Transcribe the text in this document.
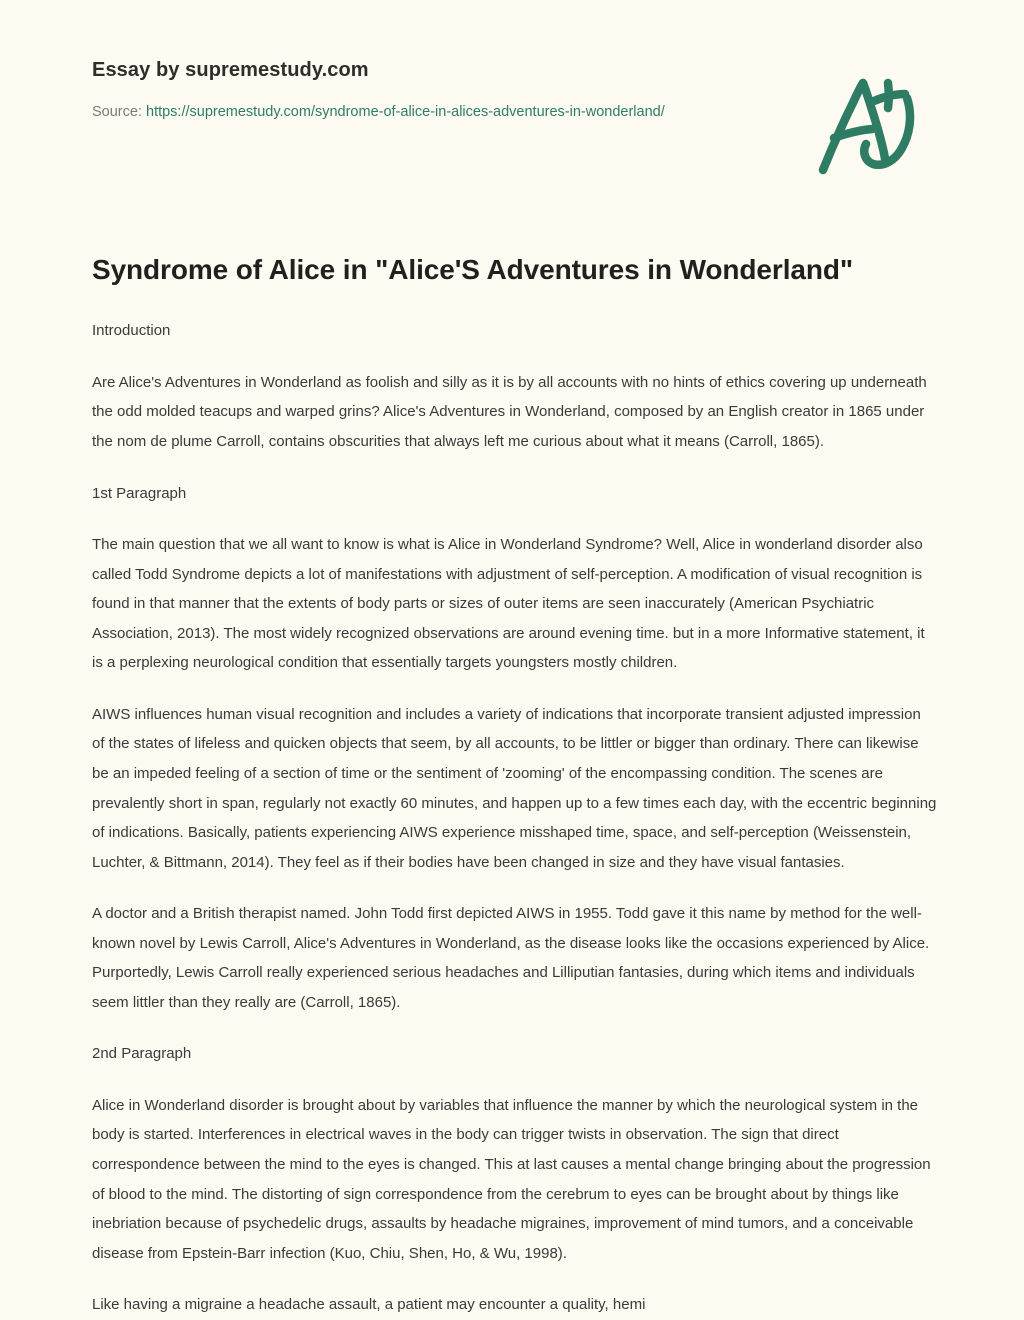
Essay by supremestudy.com

Source: https://supremestudy.com/syndrome-of-alice-in-alices-adventures-in-wonderland/

Syndrome of Alice in "Alice'S Adventures in Wonderland"

Introduction

Are Alice's Adventures in Wonderland as foolish and silly as it is by all accounts with no hints of ethics covering up underneath the odd molded teacups and warped grins? Alice's Adventures in Wonderland, composed by an English creator in 1865 under the nom de plume Carroll, contains obscurities that always left me curious about what it means (Carroll, 1865).

1st Paragraph

The main question that we all want to know is what is Alice in Wonderland Syndrome? Well, Alice in wonderland disorder also called Todd Syndrome depicts a lot of manifestations with adjustment of self-perception. A modification of visual recognition is found in that manner that the extents of body parts or sizes of outer items are seen inaccurately (American Psychiatric Association, 2013). The most widely recognized observations are around evening time. but in a more Informative statement, it is a perplexing neurological condition that essentially targets youngsters mostly children.

AIWS influences human visual recognition and includes a variety of indications that incorporate transient adjusted impression of the states of lifeless and quicken objects that seem, by all accounts, to be littler or bigger than ordinary. There can likewise be an impeded feeling of a section of time or the sentiment of 'zooming' of the encompassing condition. The scenes are prevalently short in span, regularly not exactly 60 minutes, and happen up to a few times each day, with the eccentric beginning of indications. Basically, patients experiencing AIWS experience misshaped time, space, and self-perception (Weissenstein, Luchter, & Bittmann, 2014). They feel as if their bodies have been changed in size and they have visual fantasies.

A doctor and a British therapist named. John Todd first depicted AIWS in 1955. Todd gave it this name by method for the well-known novel by Lewis Carroll, Alice's Adventures in Wonderland, as the disease looks like the occasions experienced by Alice. Purportedly, Lewis Carroll really experienced serious headaches and Lilliputian fantasies, during which items and individuals seem littler than they really are (Carroll, 1865).

2nd Paragraph

Alice in Wonderland disorder is brought about by variables that influence the manner by which the neurological system in the body is started. Interferences in electrical waves in the body can trigger twists in observation. The sign that direct correspondence between the mind to the eyes is changed. This at last causes a mental change bringing about the progression of blood to the mind. The distorting of sign correspondence from the cerebrum to eyes can be brought about by things like inebriation because of psychedelic drugs, assaults by headache migraines, improvement of mind tumors, and a conceivable disease from Epstein-Barr infection (Kuo, Chiu, Shen, Ho, & Wu, 1998).

Like having a migraine a headache assault, a patient may encounter a quality, hemi
